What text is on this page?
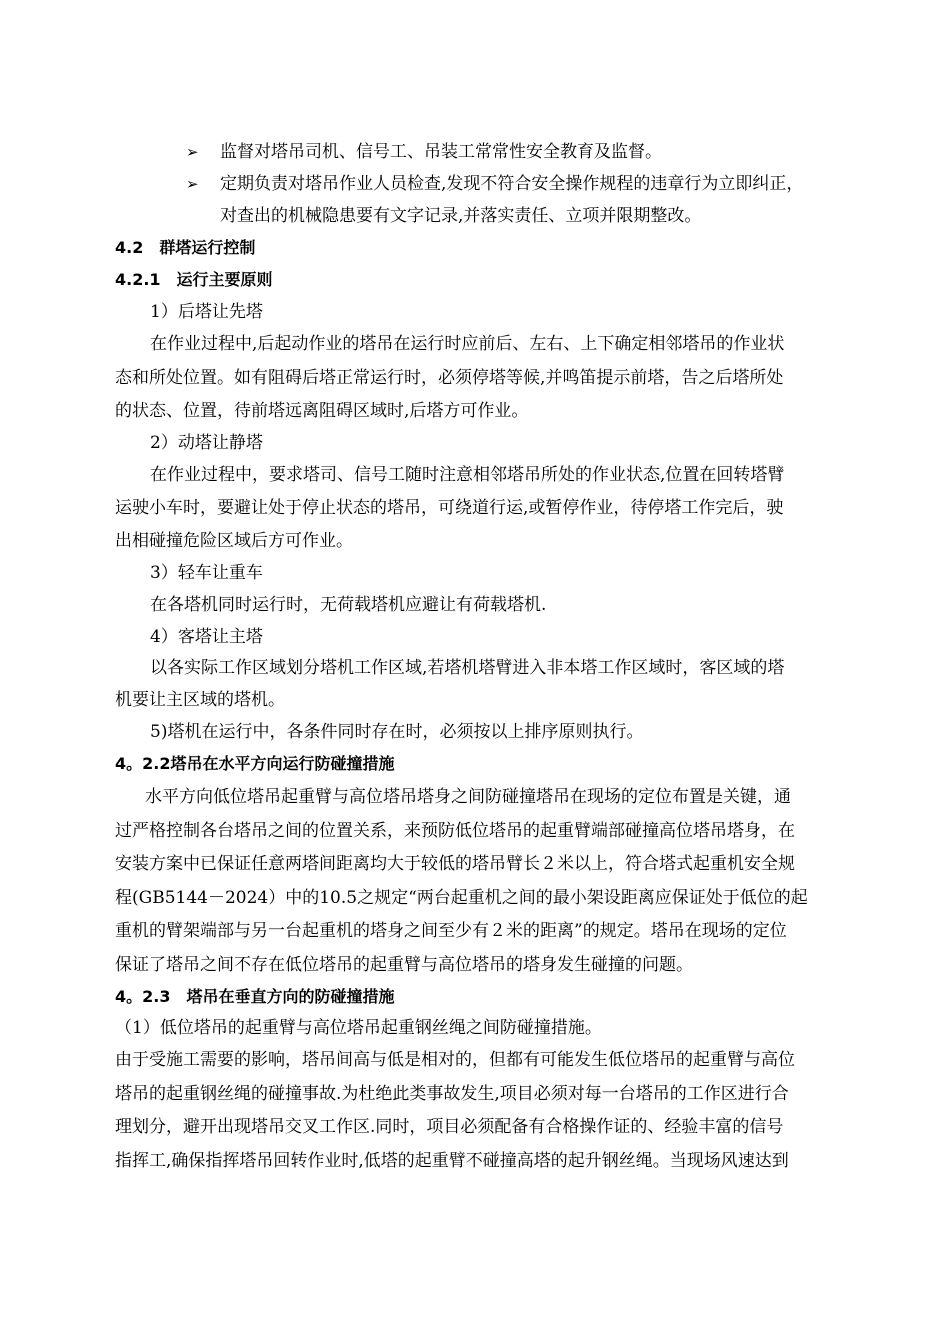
➢ 监督对塔吊司机、信号工、吊装工常常性安全教育及监督。
➢ 定期负责对塔吊作业人员检查,发现不符合安全操作规程的违章行为立即纠正，
对查出的机械隐患要有文字记录,并落实责任、立项并限期整改。
4.2　群塔运行控制
4.2.1　运行主要原则
1）后塔让先塔
在作业过程中,后起动作业的塔吊在运行时应前后、左右、上下确定相邻塔吊的作业状
态和所处位置。如有阻碍后塔正常运行时，必须停塔等候,并鸣笛提示前塔，告之后塔所处
的状态、位置，待前塔远离阻碍区域时,后塔方可作业。
2）动塔让静塔
在作业过程中，要求塔司、信号工随时注意相邻塔吊所处的作业状态,位置在回转塔臂
运驶小车时，要避让处于停止状态的塔吊，可绕道行运,或暂停作业，待停塔工作完后，驶
出相碰撞危险区域后方可作业。
3）轻车让重车
在各塔机同时运行时，无荷载塔机应避让有荷载塔机.
4）客塔让主塔
以各实际工作区域划分塔机工作区域,若塔机塔臂进入非本塔工作区域时，客区域的塔
机要让主区域的塔机。
5)塔机在运行中，各条件同时存在时，必须按以上排序原则执行。
4。2.2塔吊在水平方向运行防碰撞措施
水平方向低位塔吊起重臂与高位塔吊塔身之间防碰撞塔吊在现场的定位布置是关键，通
过严格控制各台塔吊之间的位置关系，来预防低位塔吊的起重臂端部碰撞高位塔吊塔身，在
安装方案中已保证任意两塔间距离均大于较低的塔吊臂长２米以上，符合塔式起重机安全规
程(GB5144－2024）中的10.5之规定“两台起重机之间的最小架设距离应保证处于低位的起
重机的臂架端部与另一台起重机的塔身之间至少有２米的距离”的规定。塔吊在现场的定位
保证了塔吊之间不存在低位塔吊的起重臂与高位塔吊的塔身发生碰撞的问题。
4。2.3　塔吊在垂直方向的防碰撞措施
（1）低位塔吊的起重臂与高位塔吊起重钢丝绳之间防碰撞措施。
由于受施工需要的影响，塔吊间高与低是相对的，但都有可能发生低位塔吊的起重臂与高位
塔吊的起重钢丝绳的碰撞事故.为杜绝此类事故发生,项目必须对每一台塔吊的工作区进行合
理划分，避开出现塔吊交叉工作区.同时，项目必须配备有合格操作证的、经验丰富的信号
指挥工,确保指挥塔吊回转作业时,低塔的起重臂不碰撞高塔的起升钢丝绳。当现场风速达到
